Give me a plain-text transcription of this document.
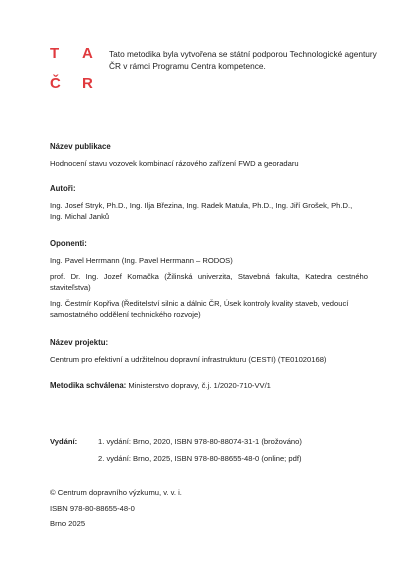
T A
Č R
Tato metodika byla vytvořena se státní podporou Technologické agentury
ČR v rámci Programu Centra kompetence.
Název publikace
Hodnocení stavu vozovek kombinací rázového zařízení FWD a georadaru
Autoři:
Ing. Josef Stryk, Ph.D., Ing. Ilja Březina, Ing. Radek Matula, Ph.D., Ing. Jiří Grošek, Ph.D.,
Ing. Michal Janků
Oponenti:
Ing. Pavel Herrmann (Ing. Pavel Herrmann – RODOS)
prof. Dr. Ing. Jozef Komačka (Žilinská univerzita, Stavebná fakulta, Katedra cestného staviteľstva)
Ing. Čestmír Kopřiva (Ředitelství silnic a dálnic ČR, Úsek kontroly kvality staveb, vedoucí samostatného oddělení technického rozvoje)
Název projektu:
Centrum pro efektivní a udržitelnou dopravní infrastrukturu (CESTI) (TE01020168)
Metodika schválena: Ministerstvo dopravy, č.j. 1/2020-710-VV/1
Vydání:	1. vydání: Brno, 2020, ISBN 978-80-88074-31-1 (brožováno)
2. vydání: Brno, 2025, ISBN 978-80-88655-48-0 (online; pdf)
© Centrum dopravního výzkumu, v. v. i.
ISBN 978-80-88655-48-0
Brno 2025
